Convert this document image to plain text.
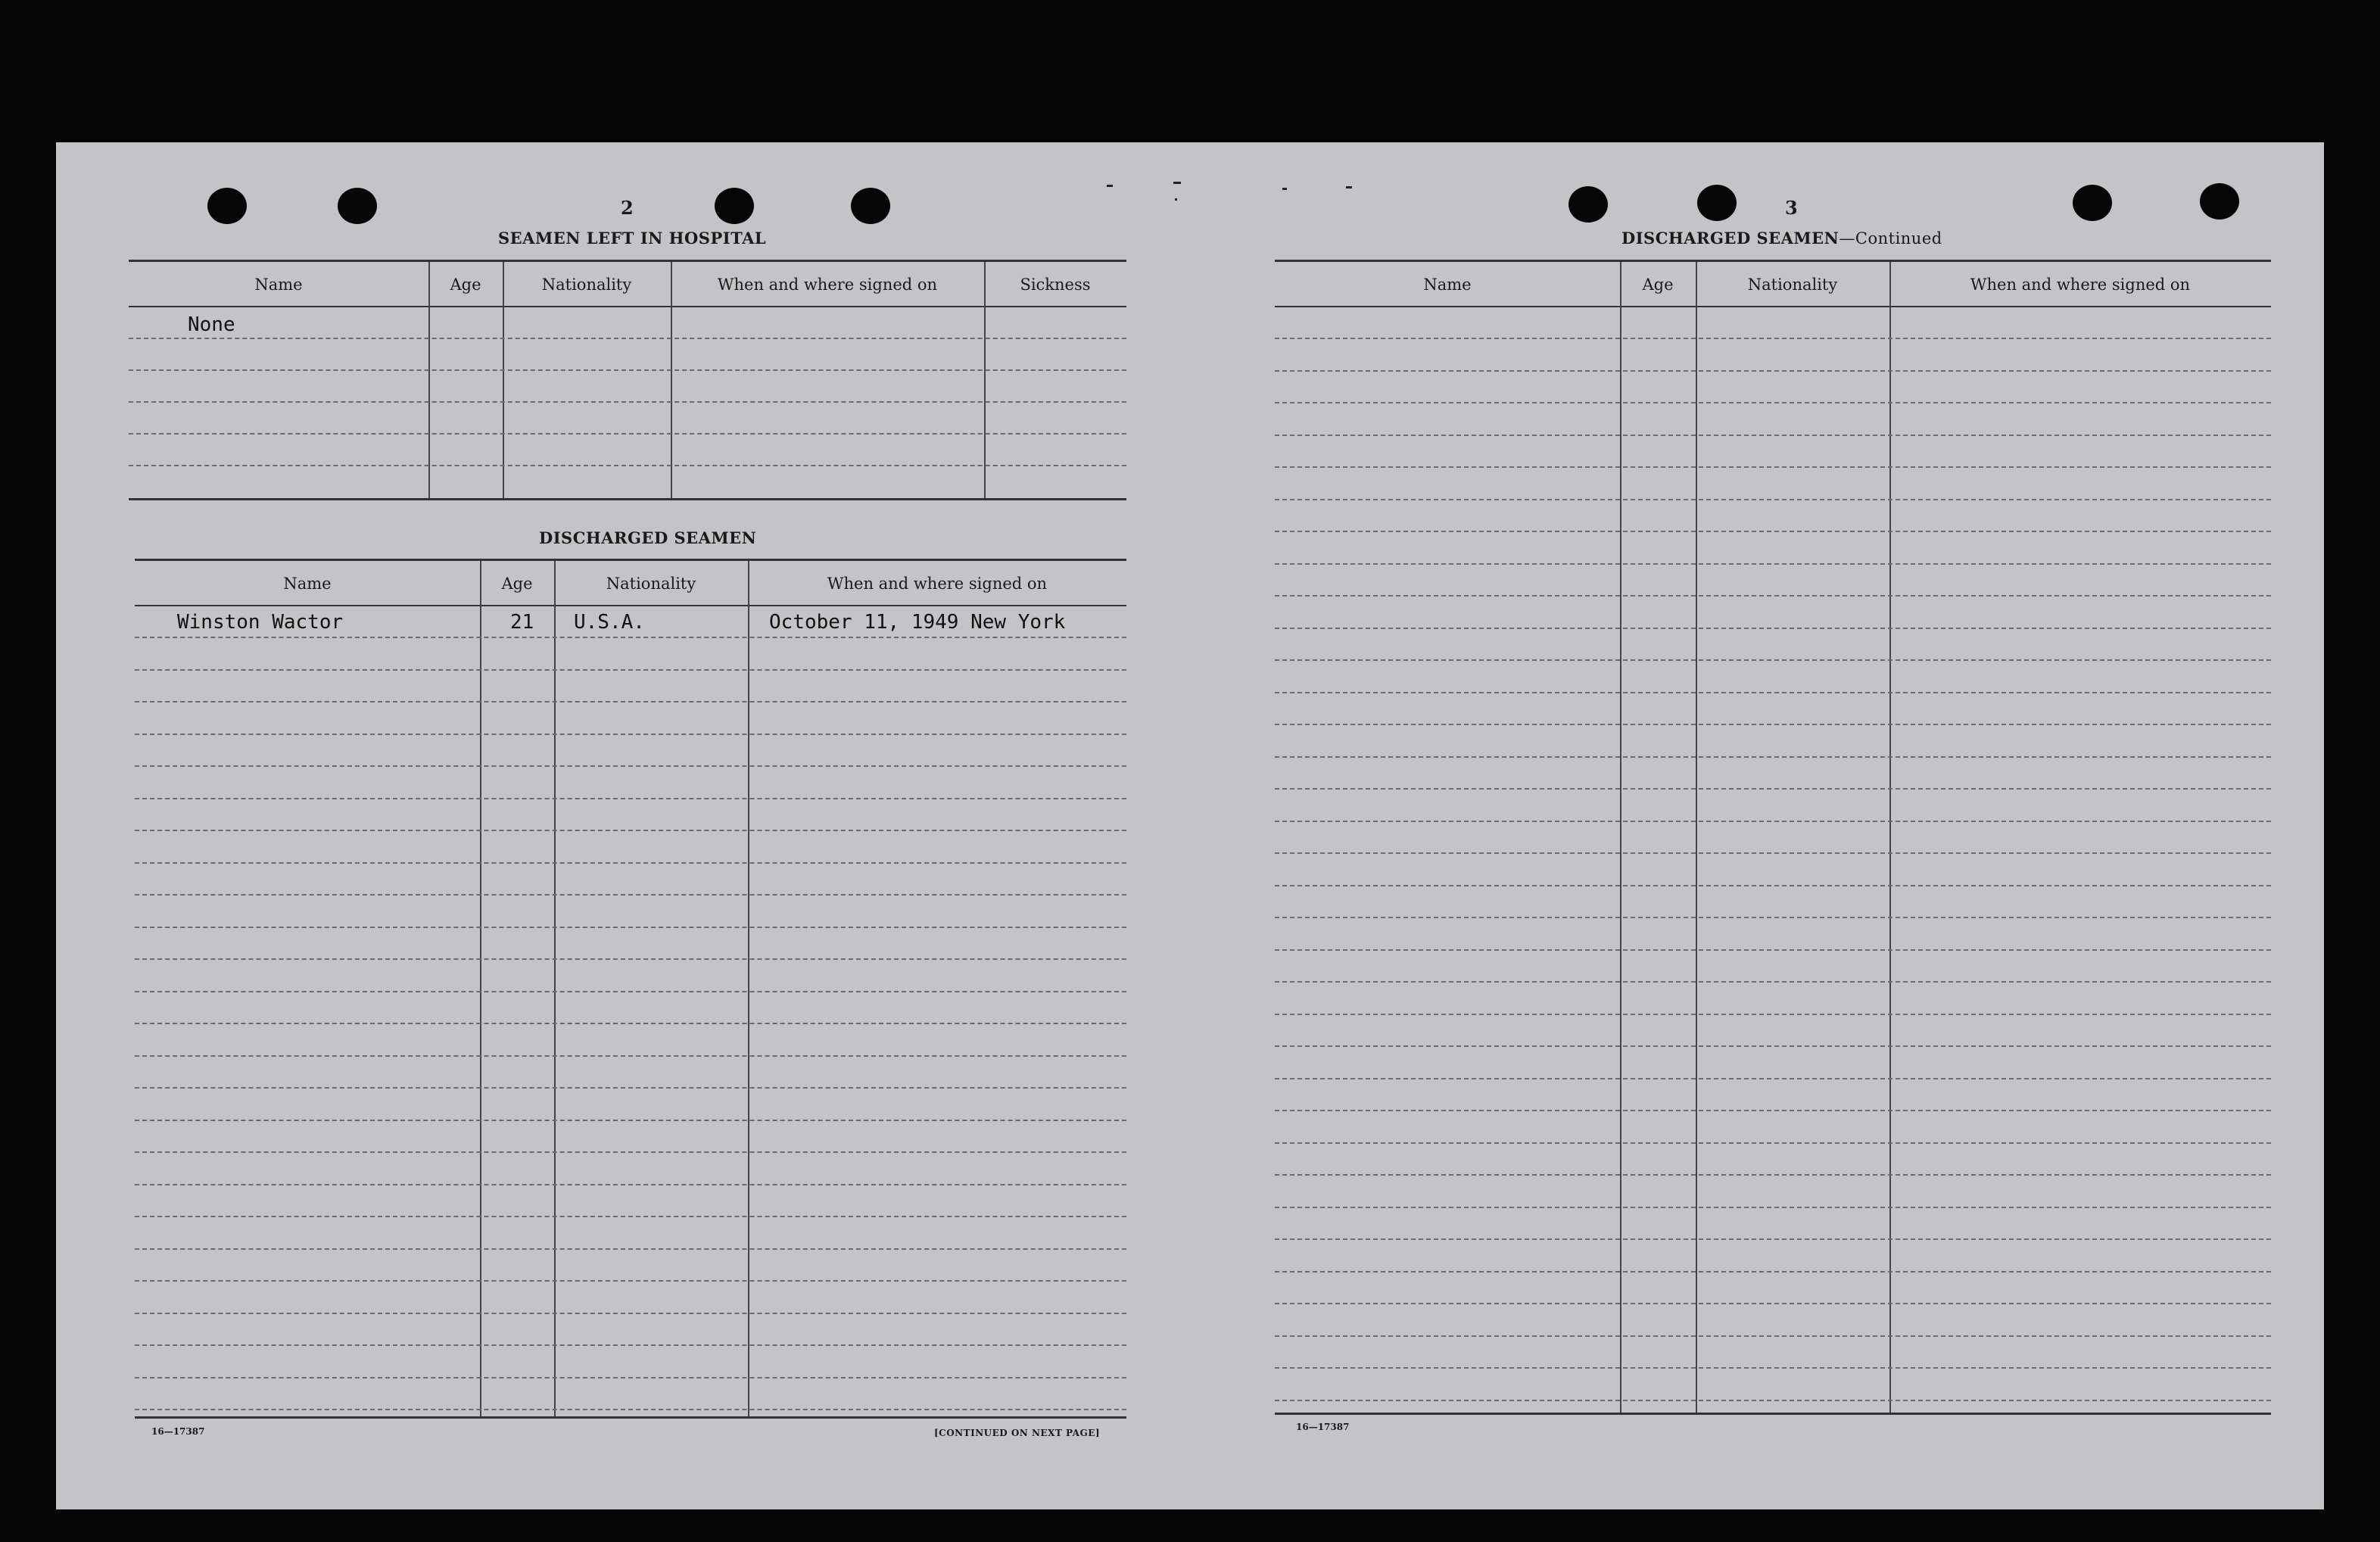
2
SEAMEN LEFT IN HOSPITAL
Name	Age	Nationality	When and where signed on	Sickness
None
DISCHARGED SEAMEN
Name	Age	Nationality	When and where signed on
Winston Wactor	21 U.S.A.	October 11, 1949 New York
16—17387	[CONTINUED ON NEXT PAGE]
3
DISCHARGED SEAMEN—Continued
Name	Age	Nationality	When and where signed on
16—17387
